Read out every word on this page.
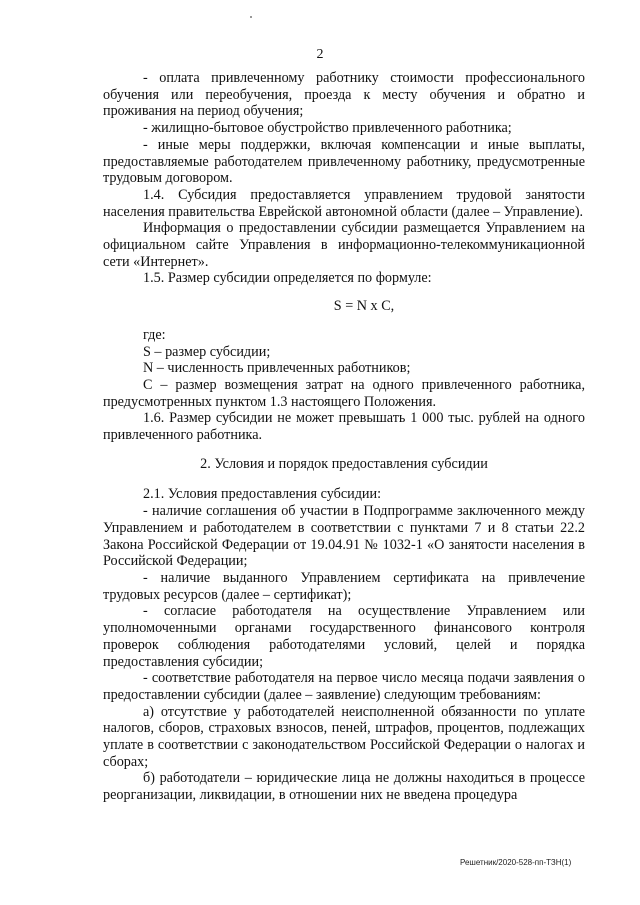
2

- оплата привлеченному работнику стоимости профессионального обучения или переобучения, проезда к месту обучения и обратно и проживания на период обучения;

- жилищно-бытовое обустройство привлеченного работника;

- иные меры поддержки, включая компенсации и иные выплаты, предоставляемые работодателем привлеченному работнику, предусмотренные трудовым договором.

1.4. Субсидия предоставляется управлением трудовой занятости населения правительства Еврейской автономной области (далее – Управление).

Информация о предоставлении субсидии размещается Управлением на официальном сайте Управления в информационно-телекоммуникационной сети «Интернет».

1.5. Размер субсидии определяется по формуле:

S = N x C,

где:

S – размер субсидии;

N – численность привлеченных работников;

С – размер возмещения затрат на одного привлеченного работника, предусмотренных пунктом 1.3 настоящего Положения.

1.6. Размер субсидии не может превышать 1 000 тыс. рублей на одного привлеченного работника.

2. Условия и порядок предоставления субсидии

2.1. Условия предоставления субсидии:

- наличие соглашения об участии в Подпрограмме заключенного между Управлением и работодателем в соответствии с пунктами 7 и 8 статьи 22.2 Закона Российской Федерации от 19.04.91 № 1032-1 «О занятости населения в Российской Федерации;

- наличие выданного Управлением сертификата на привлечение трудовых ресурсов (далее – сертификат);

- согласие работодателя на осуществление Управлением или уполномоченными органами государственного финансового контроля проверок соблюдения работодателями условий, целей и порядка предоставления субсидии;

- соответствие работодателя на первое число месяца подачи заявления о предоставлении субсидии (далее – заявление) следующим требованиям:

а) отсутствие у работодателей неисполненной обязанности по уплате налогов, сборов, страховых взносов, пеней, штрафов, процентов, подлежащих уплате в соответствии с законодательством Российской Федерации о налогах и сборах;

б) работодатели – юридические лица не должны находиться в процессе реорганизации, ликвидации, в отношении них не введена процедура

Решетник/2020-528-пп-ТЗН(1)
